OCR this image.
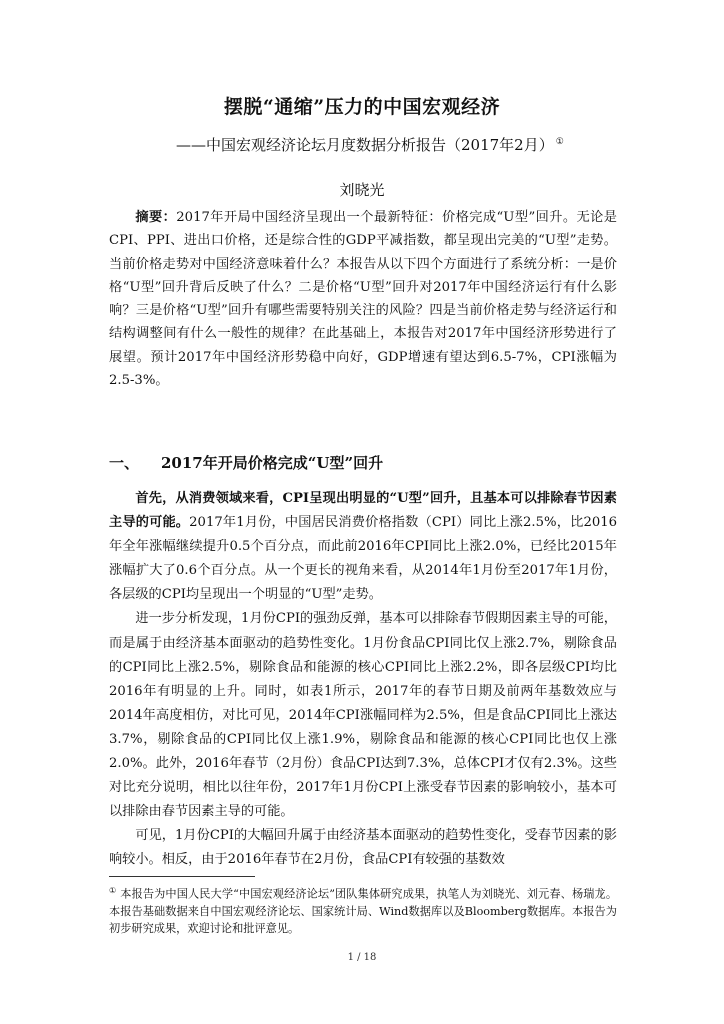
摆脱“通缩”压力的中国宏观经济
——中国宏观经济论坛月度数据分析报告（2017年2月） ①
刘晓光
摘要：2017年开局中国经济呈现出一个最新特征：价格完成“U型”回升。无论是CPI、PPI、进出口价格，还是综合性的GDP平减指数，都呈现出完美的“U型”走势。当前价格走势对中国经济意味着什么？本报告从以下四个方面进行了系统分析：一是价格“U型”回升背后反映了什么？二是价格“U型”回升对2017年中国经济运行有什么影响？三是价格“U型”回升有哪些需要特别关注的风险？四是当前价格走势与经济运行和结构调整间有什么一般性的规律？在此基础上，本报告对2017年中国经济形势进行了展望。预计2017年中国经济形势稳中向好，GDP增速有望达到6.5-7%，CPI涨幅为2.5-3%。
一、 2017年开局价格完成“U型”回升

首先，从消费领域来看，CPI呈现出明显的“U型”回升，且基本可以排除春节因素主导的可能。2017年1月份，中国居民消费价格指数（CPI）同比上涨2.5%，比2016年全年涨幅继续提升0.5个百分点，而此前2016年CPI同比上涨2.0%，已经比2015年涨幅扩大了0.6个百分点。从一个更长的视角来看，从2014年1月份至2017年1月份，各层级的CPI均呈现出一个明显的“U型”走势。

进一步分析发现，1月份CPI的强劲反弹，基本可以排除春节假期因素主导的可能，而是属于由经济基本面驱动的趋势性变化。1月份食品CPI同比仅上涨2.7%，剔除食品的CPI同比上涨2.5%，剔除食品和能源的核心CPI同比上涨2.2%，即各层级CPI均比2016年有明显的上升。同时，如表1所示，2017年的春节日期及前两年基数效应与2014年高度相仿，对比可见，2014年CPI涨幅同样为2.5%，但是食品CPI同比上涨达3.7%，剔除食品的CPI同比仅上涨1.9%，剔除食品和能源的核心CPI同比也仅上涨2.0%。此外，2016年春节（2月份）食品CPI达到7.3%，总体CPI才仅有2.3%。这些对比充分说明，相比以往年份，2017年1月份CPI上涨受春节因素的影响较小，基本可以排除由春节因素主导的可能。

可见，1月份CPI的大幅回升属于由经济基本面驱动的趋势性变化，受春节因素的影响较小。相反，由于2016年春节在2月份，食品CPI有较强的基数效

① 本报告为中国人民大学“中国宏观经济论坛”团队集体研究成果，执笔人为刘晓光、刘元春、杨瑞龙。本报告基础数据来自中国宏观经济论坛、国家统计局、Wind数据库以及Bloomberg数据库。本报告为初步研究成果，欢迎讨论和批评意见。
1 / 18
